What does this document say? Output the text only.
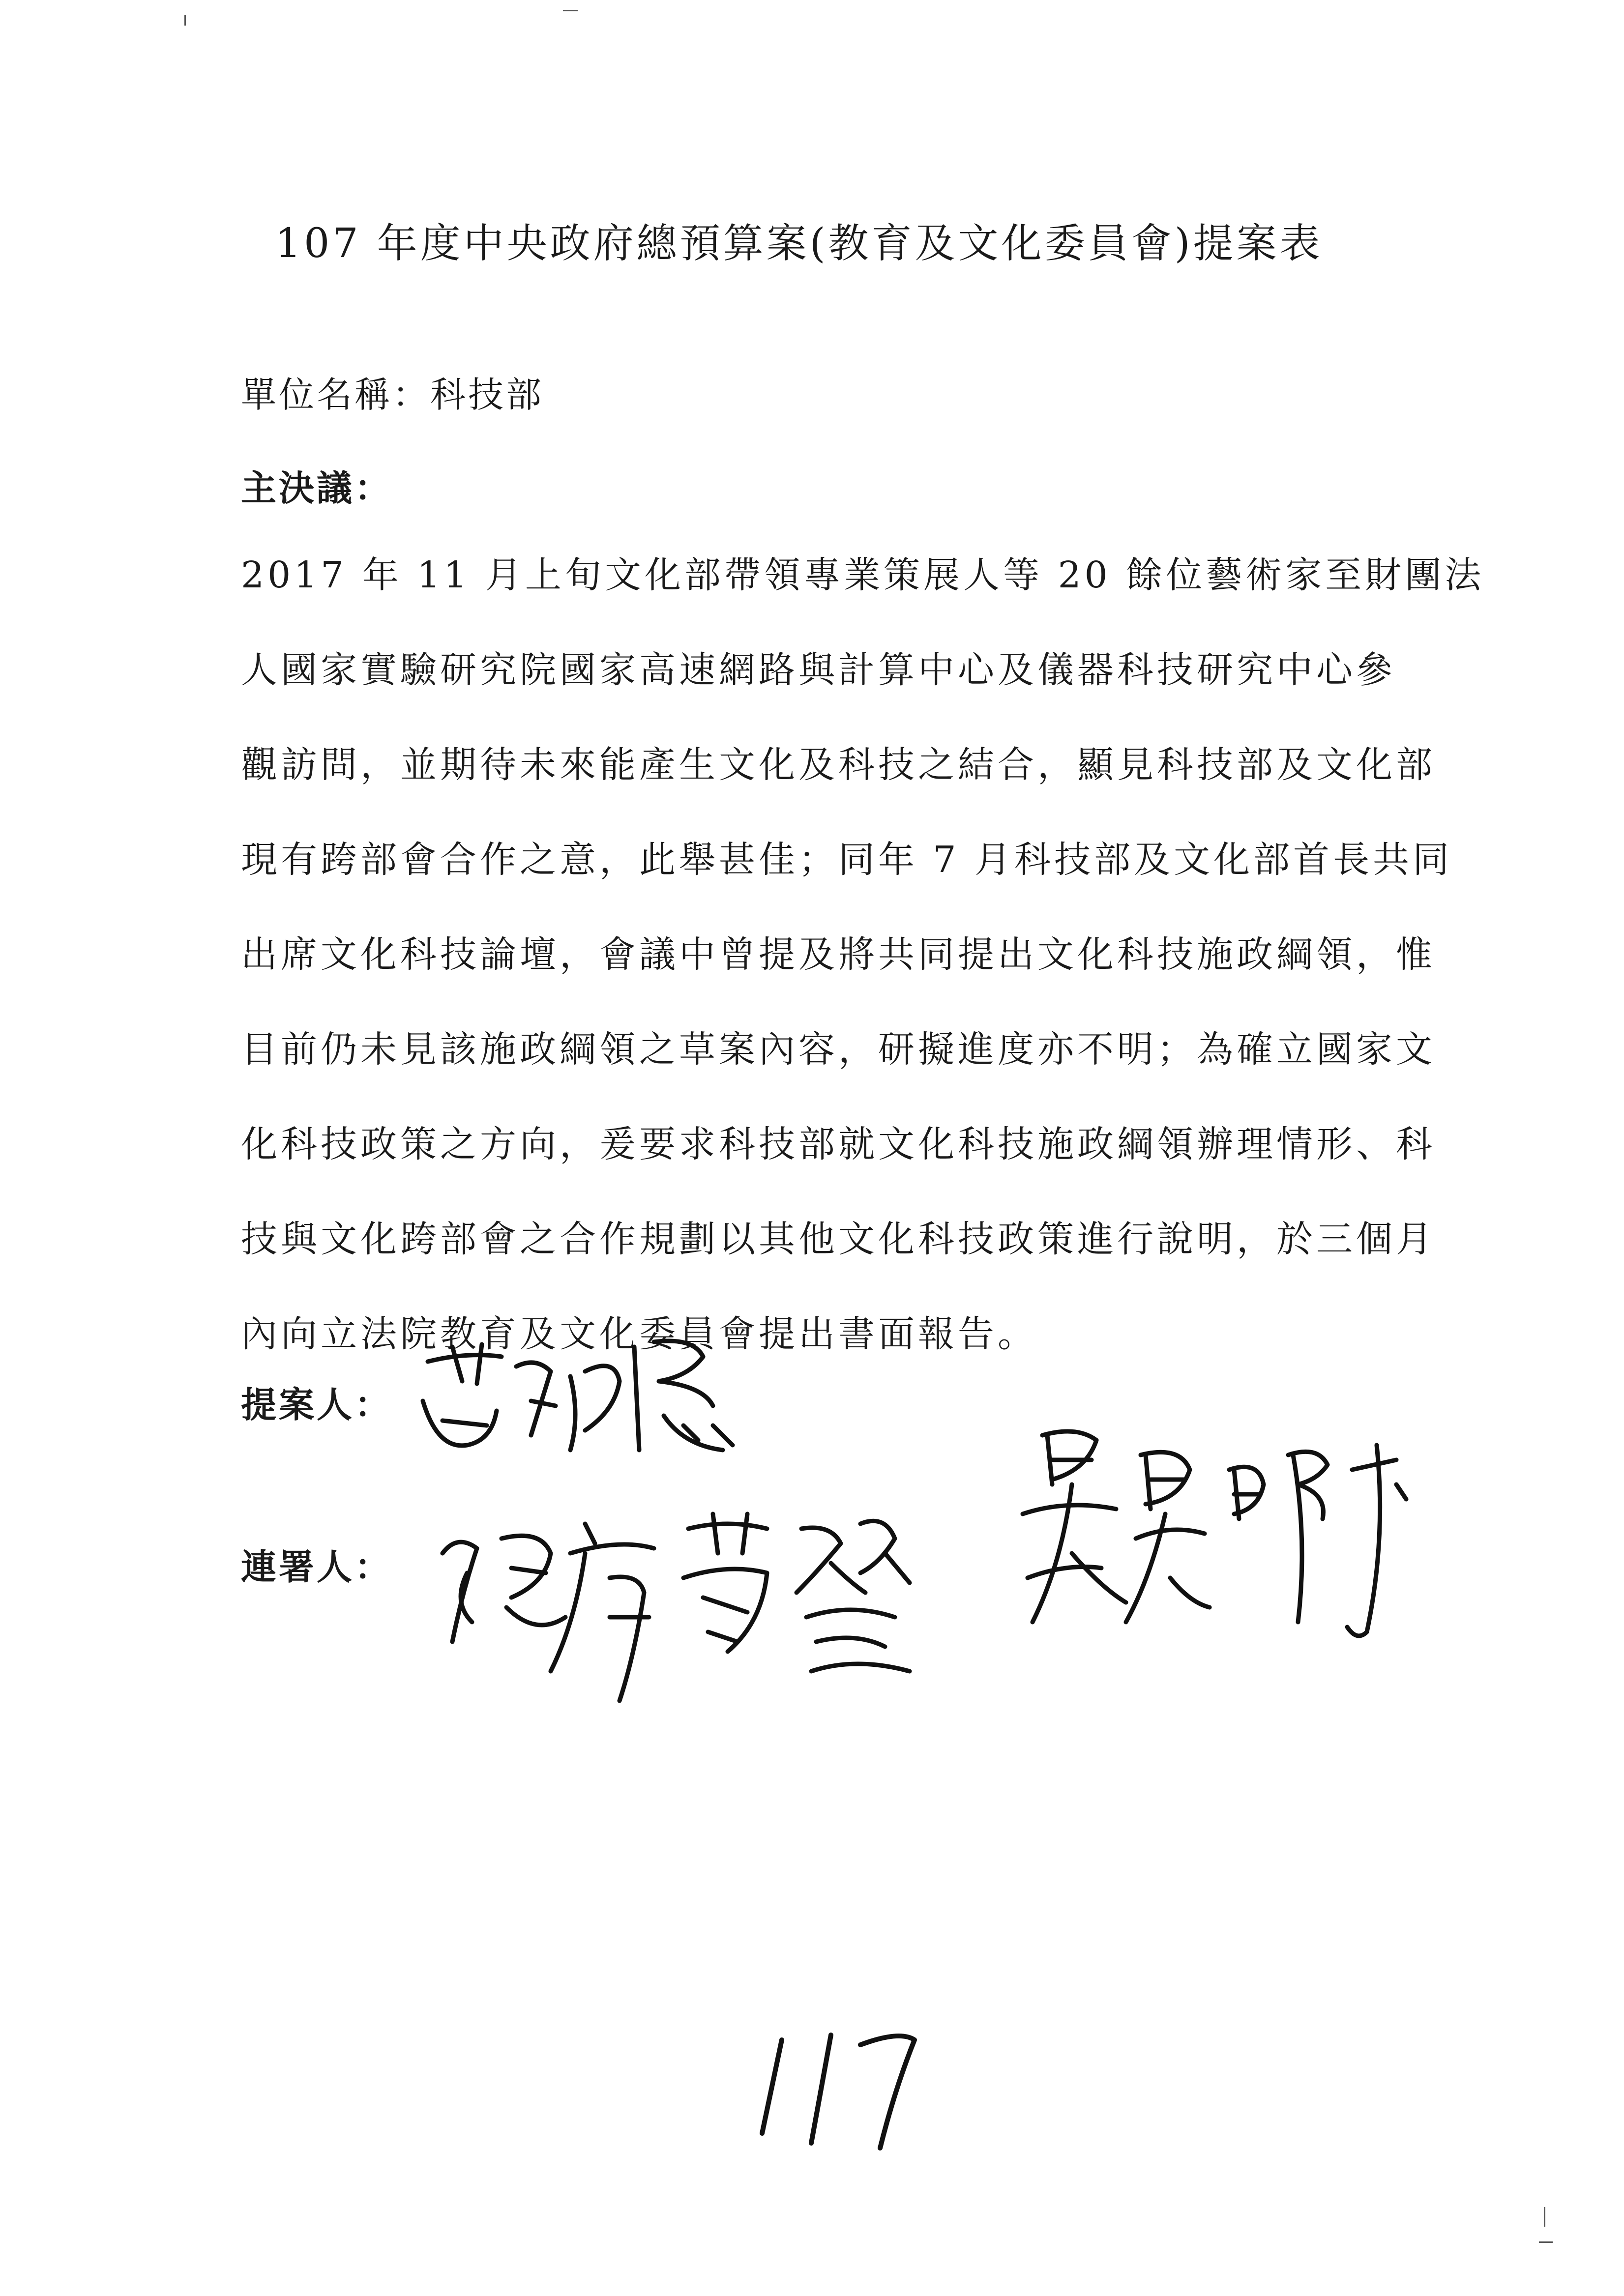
107 年度中央政府總預算案(教育及文化委員會)提案表
單位名稱：科技部
主決議：
2017 年 11 月上旬文化部帶領專業策展人等 20 餘位藝術家至財團法
人國家實驗研究院國家高速網路與計算中心及儀器科技研究中心參
觀訪問，並期待未來能產生文化及科技之結合，顯見科技部及文化部
現有跨部會合作之意，此舉甚佳；同年 7 月科技部及文化部首長共同
出席文化科技論壇，會議中曾提及將共同提出文化科技施政綱領，惟
目前仍未見該施政綱領之草案內容，研擬進度亦不明；為確立國家文
化科技政策之方向，爰要求科技部就文化科技施政綱領辦理情形、科
技與文化跨部會之合作規劃以其他文化科技政策進行說明，於三個月
內向立法院教育及文化委員會提出書面報告。
提案人：
連署人：
